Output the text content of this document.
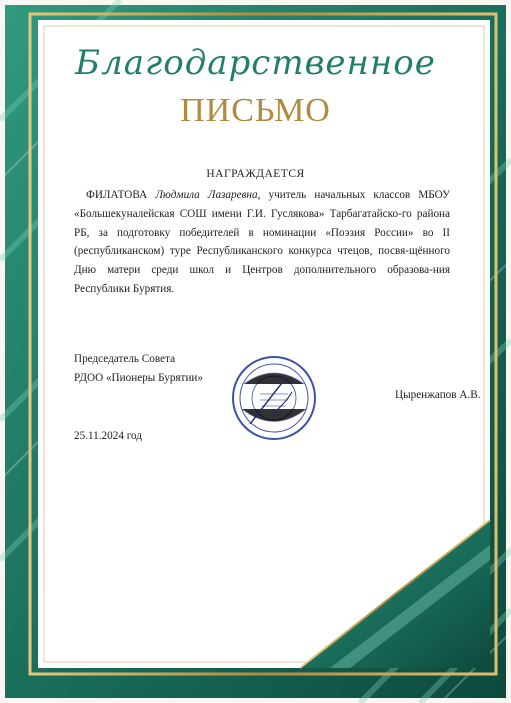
Благодарственное
ПИСЬМО
НАГРАЖДАЕТСЯ

ФИЛАТОВА Людмила Лазаревна, учитель начальных классов МБОУ «Большекуналейская СОШ имени Г.И. Гуслякова» Тарбагатайско-го района РБ, за подготовку победителей в номинации «Поэзия России» во II (республиканском) туре Республиканского конкурса чтецов, посвя-щённого Дню матери среди школ и Центров дополнительного образова-ния Республики Бурятия.

Председатель Совета
РДОО «Пионеры Бурятии»
Цыренжапов А.В.
25.11.2024 год
